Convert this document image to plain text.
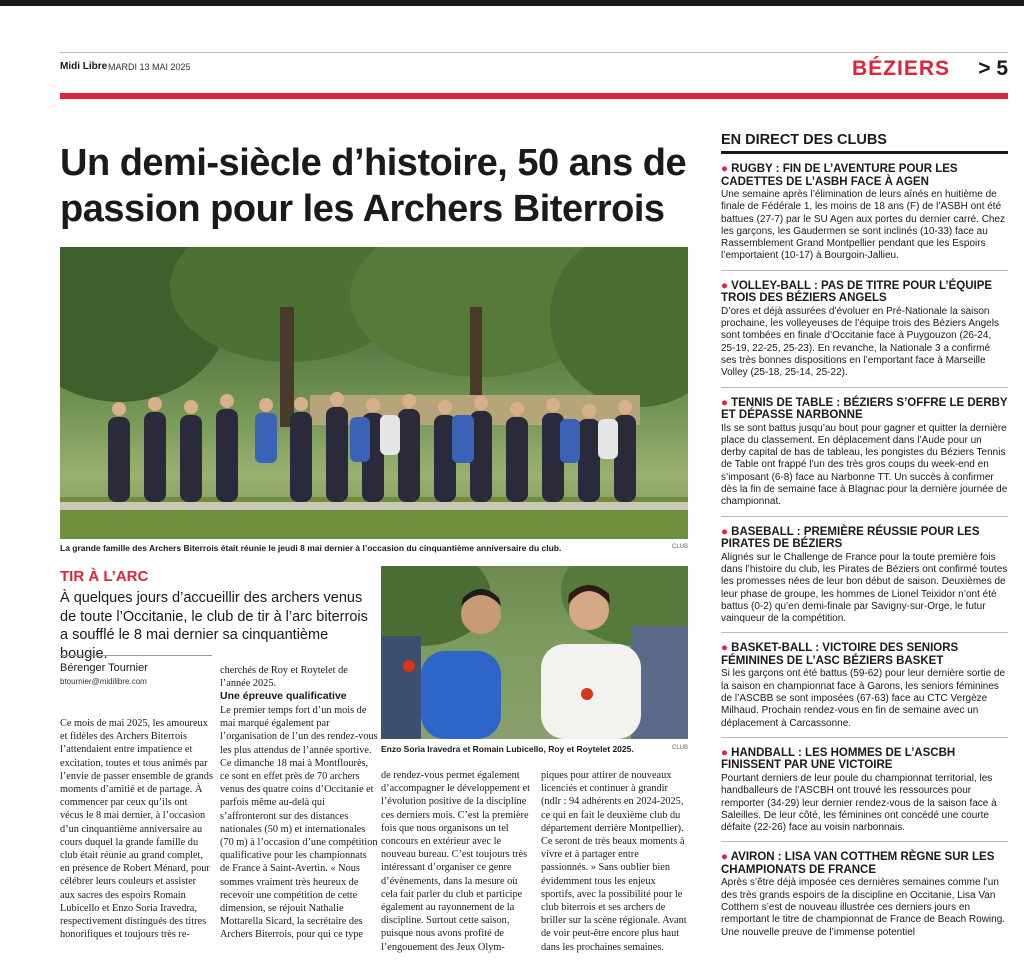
Midi Libre MARDI 13 MAI 2025	BÉZIERS > 5
Un demi-siècle d’histoire, 50 ans de passion pour les Archers Biterrois
La grande famille des Archers Biterrois était réunie le jeudi 8 mai dernier à l’occasion du cinquantième anniversaire du club.	CLUB
TIR À L’ARC
À quelques jours d’accueillir des archers venus de toute l’Occitanie, le club de tir à l’arc biterrois a soufflé le 8 mai dernier sa cinquantième bougie.
Bérenger Tournier
btournier@midilibre.com

Ce mois de mai 2025, les amoureux et fidèles des Archers Biterrois l’attendaient entre impatience et excitation, toutes et tous animés par l’envie de passer ensemble de grands moments d’amitié et de partage. À commencer par ceux qu’ils ont vécus le 8 mai dernier, à l’occasion d’un cinquantième anniversaire au cours duquel la grande famille du club était réunie au grand complet, en présence de Robert Ménard, pour célébrer leurs couleurs et assister aux sacres des espoirs Romain Lubicello et Enzo Soria Iravedra, respectivement distingués des titres honorifiques et toujours très re-

cherchés de Roy et Roytelet de l’année 2025.

Une épreuve qualificative

Le premier temps fort d’un mois de mai marqué également par l’organisation de l’un des rendez-vous les plus attendus de l’année sportive. Ce dimanche 18 mai à Montflourès, ce sont en effet près de 70 archers venus des quatre coins d’Occitanie et parfois même au-delà qui s’affronteront sur des distances nationales (50 m) et internationales (70 m) à l’occasion d’une compétition qualificative pour les championnats de France à Saint-Avertin. « Nous sommes vraiment très heureux de recevoir une compétition de cette dimension, se réjouit Nathalie Mottarella Sicard, la secrétaire des Archers Biterrois, pour qui ce type

Enzo Soria Iravedra et Romain Lubicello, Roy et Roytelet 2025.	CLUB

de rendez-vous permet également d’accompagner le développement et l’évolution positive de la discipline ces derniers mois. C’est la première fois que nous organisons un tel concours en extérieur avec le nouveau bureau. C’est toujours très intéressant d’organiser ce genre d’évènements, dans la mesure où cela fait parler du club et participe également au rayonnement de la discipline. Surtout cette saison, puisque nous avons profité de l’engouement des Jeux Olym-

piques pour attirer de nouveaux licenciés et continuer à grandir (ndlr : 94 adhérents en 2024-2025, ce qui en fait le deuxième club du département derrière Montpellier). Ce seront de très beaux moments à vivre et à partager entre passionnés. » Sans oublier bien évidemment tous les enjeux sportifs, avec la possibilité pour le club biterrois et ses archers de briller sur la scène régionale. Avant de voir peut-être encore plus haut dans les prochaines semaines.

EN DIRECT DES CLUBS
● RUGBY : FIN DE L’AVENTURE POUR LES CADETTES DE L’ASBH FACE À AGEN
Une semaine après l’élimination de leurs aînés en huitième de finale de Fédérale 1, les moins de 18 ans (F) de l’ASBH ont été battues (27-7) par le SU Agen aux portes du dernier carré. Chez les garçons, les Gaudermen se sont inclinés (10-33) face au Rassemblement Grand Montpellier pendant que les Espoirs l’emportaient (10-17) à Bourgoin-Jallieu.
● VOLLEY-BALL : PAS DE TITRE POUR L’ÉQUIPE TROIS DES BÉZIERS ANGELS
D’ores et déjà assurées d’évoluer en Pré-Nationale la saison prochaine, les volleyeuses de l’équipe trois des Béziers Angels sont tombées en finale d’Occitanie face à Puygouzon (26-24, 25-19, 22-25, 25-23). En revanche, la Nationale 3 a confirmé ses très bonnes dispositions en l’emportant face à Marseille Volley (25-18, 25-14, 25-22).
● TENNIS DE TABLE : BÉZIERS S’OFFRE LE DERBY ET DÉPASSE NARBONNE
Ils se sont battus jusqu’au bout pour gagner et quitter la dernière place du classement. En déplacement dans l’Aude pour un derby capital de bas de tableau, les pongistes du Béziers Tennis de Table ont frappé l’un des très gros coups du week-end en s’imposant (6-8) face au Narbonne TT. Un succès à confirmer dès la fin de semaine face à Blagnac pour la dernière journée de championnat.
● BASEBALL : PREMIÈRE RÉUSSIE POUR LES PIRATES DE BÉZIERS
Alignés sur le Challenge de France pour la toute première fois dans l’histoire du club, les Pirates de Béziers ont confirmé toutes les promesses nées de leur bon début de saison. Deuxièmes de leur phase de groupe, les hommes de Lionel Teixidor n’ont été battus (0-2) qu’en demi-finale par Savigny-sur-Orge, le futur vainqueur de la compétition.
● BASKET-BALL : VICTOIRE DES SENIORS FÉMININES DE L’ASC BÉZIERS BASKET
Si les garçons ont été battus (59-62) pour leur dernière sortie de la saison en championnat face à Garons, les seniors féminines de l’ASCBB se sont imposées (67-63) face au CTC Vergèze Milhaud. Prochain rendez-vous en fin de semaine avec un déplacement à Carcassonne.
● HANDBALL : LES HOMMES DE L’ASCBH FINISSENT PAR UNE VICTOIRE
Pourtant derniers de leur poule du championnat territorial, les handballeurs de l’ASCBH ont trouvé les ressources pour remporter (34-29) leur dernier rendez-vous de la saison face à Saleilles. De leur côté, les féminines ont concédé une courte défaite (22-26) face au voisin narbonnais.
● AVIRON : LISA VAN COTTHEM RÈGNE SUR LES CHAMPIONATS DE FRANCE
Après s’être déjà imposée ces dernières semaines comme l’un des très grands espoirs de la discipline en Occitanie, Lisa Van Cotthem s’est de nouveau illustrée ces derniers jours en remportant le titre de championnat de France de Beach Rowing. Une nouvelle preuve de l’immense potentiel
